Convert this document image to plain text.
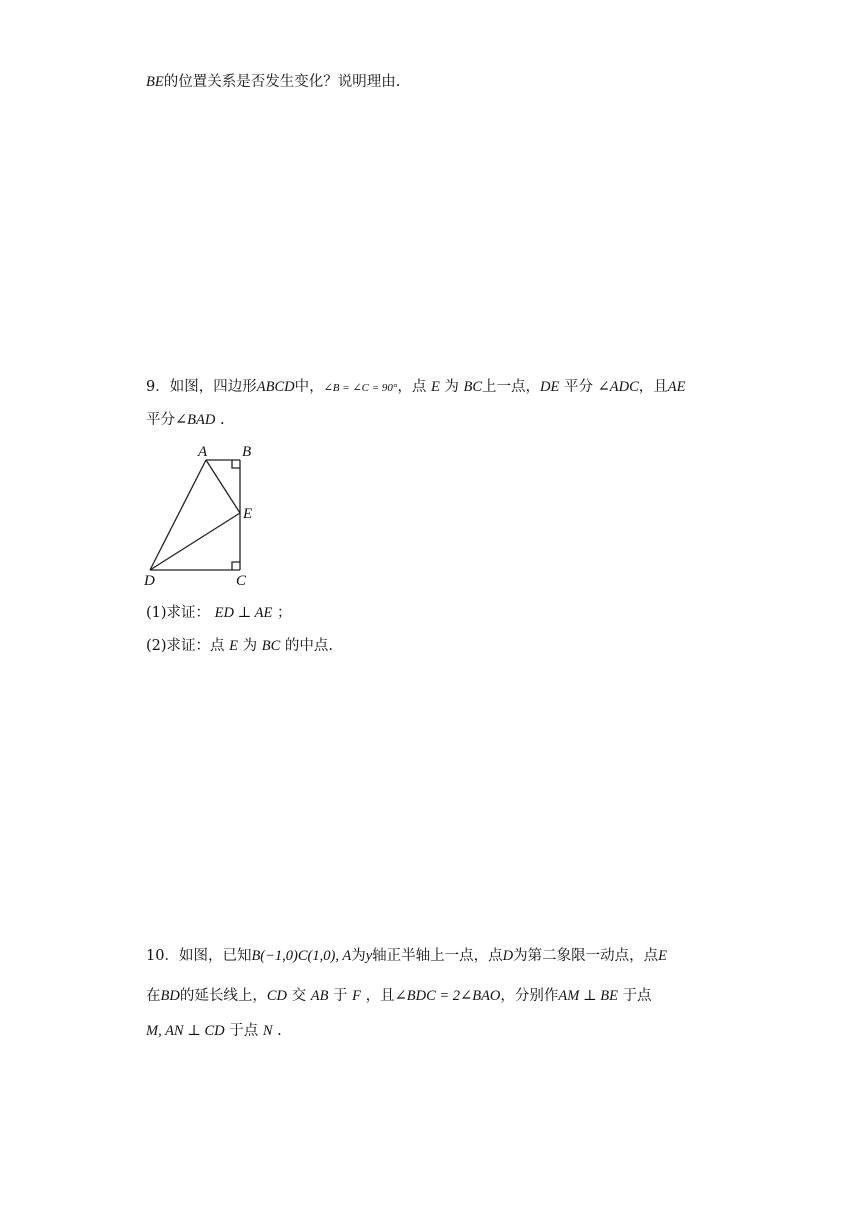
BE的位置关系是否发生变化？说明理由.
9．如图，四边形ABCD中，∠B = ∠C = 90°，点 E 为 BC上一点，DE 平分 ∠ADC，且AE
平分∠BAD .
A B
E
D	C
(1)求证： ED ⊥ AE ；
(2)求证：点 E 为 BC 的中点.
10．如图，已知B(−1,0)C(1,0), A为y轴正半轴上一点，点D为第二象限一动点，点E
在BD的延长线上，CD 交 AB 于 F ，且∠BDC = 2∠BAO，分别作AM ⊥ BE 于点
M, AN ⊥ CD 于点 N .
